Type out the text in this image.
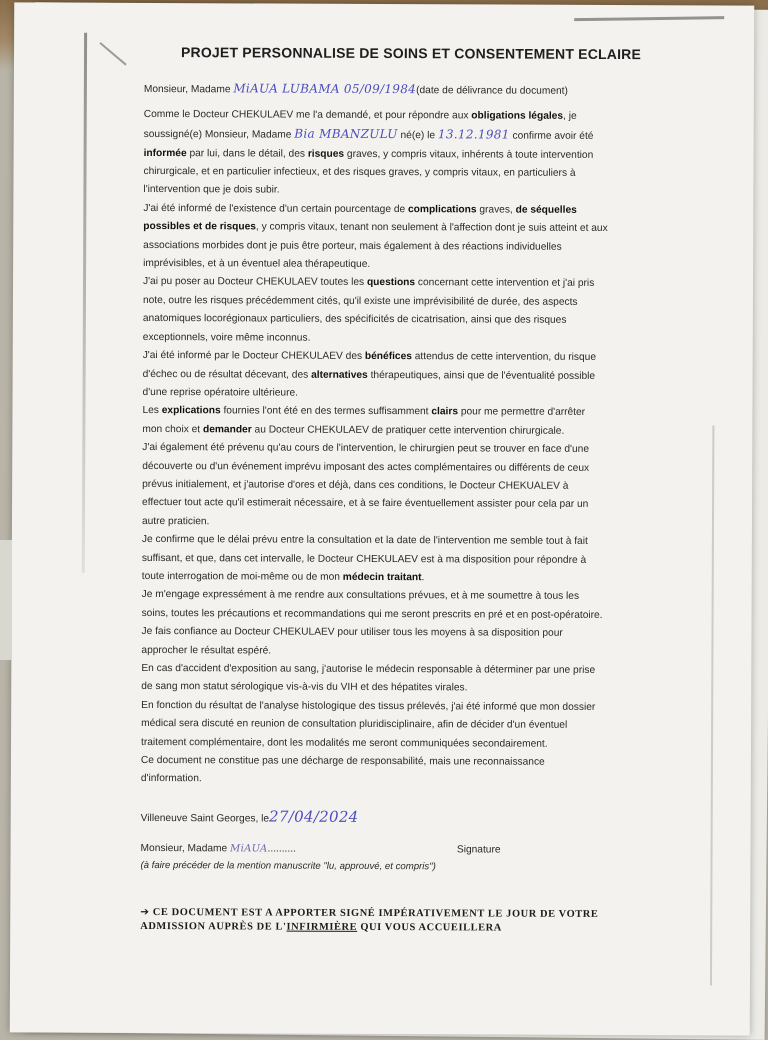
PROJET PERSONNALISE DE SOINS ET CONSENTEMENT ECLAIRE
Monsieur, Madame MiAUA LUBAMA 05/09/1984(date de délivrance du document)
Comme le Docteur CHEKULAEV me l'a demandé, et pour répondre aux obligations légales, je
soussigné(e) Monsieur, Madame Bia MBANZULU né(e) le 13.12.1981 confirme avoir été
informée par lui, dans le détail, des risques graves, y compris vitaux, inhérents à toute intervention
chirurgicale, et en particulier infectieux, et des risques graves, y compris vitaux, en particuliers à
l'intervention que je dois subir.
J'ai été informé de l'existence d'un certain pourcentage de complications graves, de séquelles
possibles et de risques, y compris vitaux, tenant non seulement à l'affection dont je suis atteint et aux
associations morbides dont je puis être porteur, mais également à des réactions individuelles
imprévisibles, et à un éventuel alea thérapeutique.
J'ai pu poser au Docteur CHEKULAEV toutes les questions concernant cette intervention et j'ai pris
note, outre les risques précédemment cités, qu'il existe une imprévisibilité de durée, des aspects
anatomiques locorégionaux particuliers, des spécificités de cicatrisation, ainsi que des risques
exceptionnels, voire même inconnus.
J'ai été informé par le Docteur CHEKULAEV des bénéfices attendus de cette intervention, du risque
d'échec ou de résultat décevant, des alternatives thérapeutiques, ainsi que de l'éventualité possible
d'une reprise opératoire ultérieure.
Les explications fournies l'ont été en des termes suffisamment clairs pour me permettre d'arrêter
mon choix et demander au Docteur CHEKULAEV de pratiquer cette intervention chirurgicale.
J'ai également été prévenu qu'au cours de l'intervention, le chirurgien peut se trouver en face d'une
découverte ou d'un événement imprévu imposant des actes complémentaires ou différents de ceux
prévus initialement, et j'autorise d'ores et déjà, dans ces conditions, le Docteur CHEKUALEV à
effectuer tout acte qu'il estimerait nécessaire, et à se faire éventuellement assister pour cela par un
autre praticien.
Je confirme que le délai prévu entre la consultation et la date de l'intervention me semble tout à fait
suffisant, et que, dans cet intervalle, le Docteur CHEKULAEV est à ma disposition pour répondre à
toute interrogation de moi-même ou de mon médecin traitant.
Je m'engage expressément à me rendre aux consultations prévues, et à me soumettre à tous les
soins, toutes les précautions et recommandations qui me seront prescrits en pré et en post-opératoire.
Je fais confiance au Docteur CHEKULAEV pour utiliser tous les moyens à sa disposition pour
approcher le résultat espéré.
En cas d'accident d'exposition au sang, j'autorise le médecin responsable à déterminer par une prise
de sang mon statut sérologique vis-à-vis du VIH et des hépatites virales.
En fonction du résultat de l'analyse histologique des tissus prélevés, j'ai été informé que mon dossier
médical sera discuté en reunion de consultation pluridisciplinaire, afin de décider d'un éventuel
traitement complémentaire, dont les modalités me seront communiquées secondairement.
Ce document ne constitue pas une décharge de responsabilité, mais une reconnaissance
d'information.
Villeneuve Saint Georges, le27/04/2024
Monsieur, Madame MiAUA..........	Signature
(à faire précéder de la mention manuscrite "lu, approuvé, et compris")
➔ CE DOCUMENT EST A APPORTER SIGNÉ IMPÉRATIVEMENT LE JOUR DE VOTRE
ADMISSION AUPRÈS DE L'INFIRMIÈRE QUI VOUS ACCUEILLERA
